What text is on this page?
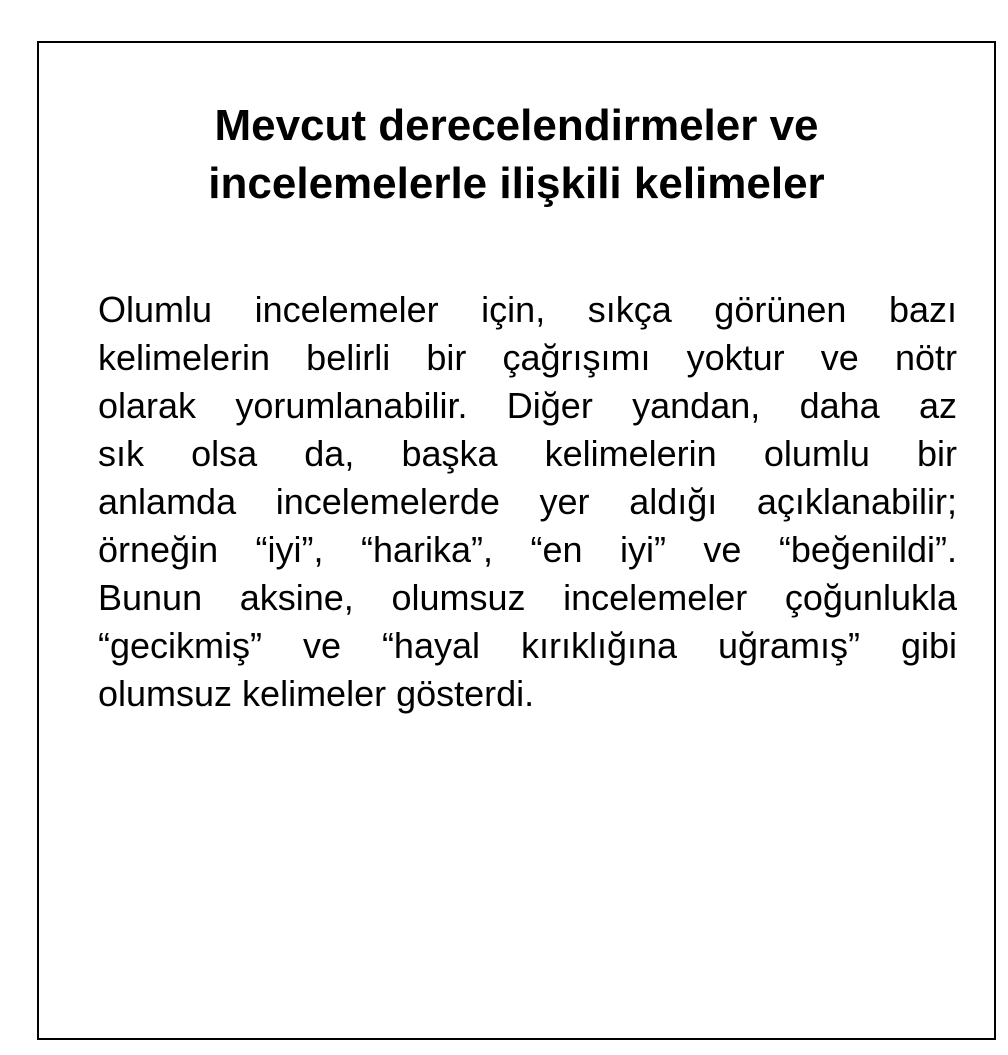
Mevcut derecelendirmeler ve
incelemelerle ilişkili kelimeler
Olumlu incelemeler için, sıkça görünen bazı
kelimelerin belirli bir çağrışımı yoktur ve nötr
olarak yorumlanabilir. Diğer yandan, daha az
sık olsa da, başka kelimelerin olumlu bir
anlamda incelemelerde yer aldığı açıklanabilir;
örneğin “iyi”, “harika”, “en iyi” ve “beğenildi”.
Bunun aksine, olumsuz incelemeler çoğunlukla
“gecikmiş” ve “hayal kırıklığına uğramış” gibi
olumsuz kelimeler gösterdi.
